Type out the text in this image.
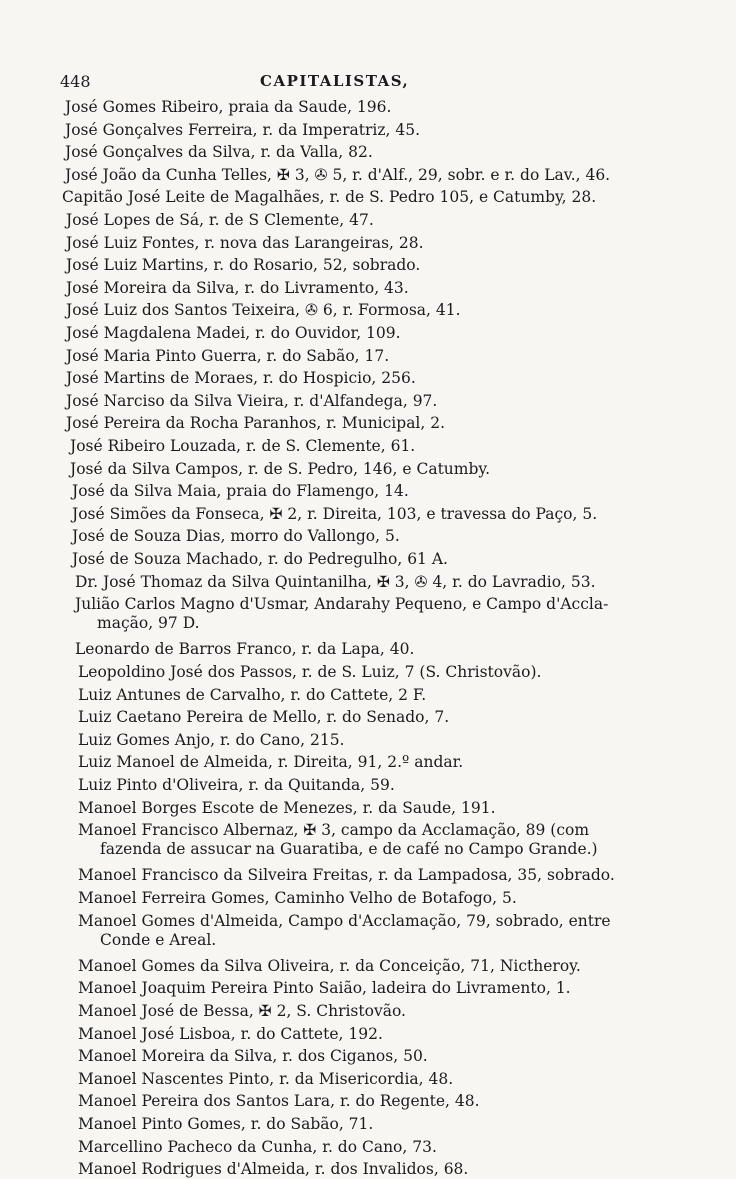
448	CAPITALISTAS,
José Gomes Ribeiro, praia da Saude, 196.
José Gonçalves Ferreira, r. da Imperatriz, 45.
José Gonçalves da Silva, r. da Valla, 82.
José João da Cunha Telles, ✠ 3, ✇ 5, r. d'Alf., 29, sobr. e r. do Lav., 46.
Capitão José Leite de Magalhães, r. de S. Pedro 105, e Catumby, 28.
José Lopes de Sá, r. de S Clemente, 47.
José Luiz Fontes, r. nova das Larangeiras, 28.
José Luiz Martins, r. do Rosario, 52, sobrado.
José Moreira da Silva, r. do Livramento, 43.
José Luiz dos Santos Teixeira, ✇ 6, r. Formosa, 41.
José Magdalena Madei, r. do Ouvidor, 109.
José Maria Pinto Guerra, r. do Sabão, 17.
José Martins de Moraes, r. do Hospicio, 256.
José Narciso da Silva Vieira, r. d'Alfandega, 97.
José Pereira da Rocha Paranhos, r. Municipal, 2.
José Ribeiro Louzada, r. de S. Clemente, 61.
José da Silva Campos, r. de S. Pedro, 146, e Catumby.
José da Silva Maia, praia do Flamengo, 14.
José Simões da Fonseca, ✠ 2, r. Direita, 103, e travessa do Paço, 5.
José de Souza Dias, morro do Vallongo, 5.
José de Souza Machado, r. do Pedregulho, 61 A.
Dr. José Thomaz da Silva Quintanilha, ✠ 3, ✇ 4, r. do Lavradio, 53.
Julião Carlos Magno d'Usmar, Andarahy Pequeno, e Campo d'Accla-
mação, 97 D.
Leonardo de Barros Franco, r. da Lapa, 40.
Leopoldino José dos Passos, r. de S. Luiz, 7 (S. Christovão).
Luiz Antunes de Carvalho, r. do Cattete, 2 F.
Luiz Caetano Pereira de Mello, r. do Senado, 7.
Luiz Gomes Anjo, r. do Cano, 215.
Luiz Manoel de Almeida, r. Direita, 91, 2.º andar.
Luiz Pinto d'Oliveira, r. da Quitanda, 59.
Manoel Borges Escote de Menezes, r. da Saude, 191.
Manoel Francisco Albernaz, ✠ 3, campo da Acclamação, 89 (com
fazenda de assucar na Guaratiba, e de café no Campo Grande.)
Manoel Francisco da Silveira Freitas, r. da Lampadosa, 35, sobrado.
Manoel Ferreira Gomes, Caminho Velho de Botafogo, 5.
Manoel Gomes d'Almeida, Campo d'Acclamação, 79, sobrado, entre
Conde e Areal.
Manoel Gomes da Silva Oliveira, r. da Conceição, 71, Nictheroy.
Manoel Joaquim Pereira Pinto Saião, ladeira do Livramento, 1.
Manoel José de Bessa, ✠ 2, S. Christovão.
Manoel José Lisboa, r. do Cattete, 192.
Manoel Moreira da Silva, r. dos Ciganos, 50.
Manoel Nascentes Pinto, r. da Misericordia, 48.
Manoel Pereira dos Santos Lara, r. do Regente, 48.
Manoel Pinto Gomes, r. do Sabão, 71.
Marcellino Pacheco da Cunha, r. do Cano, 73.
Manoel Rodrigues d'Almeida, r. dos Invalidos, 68.
